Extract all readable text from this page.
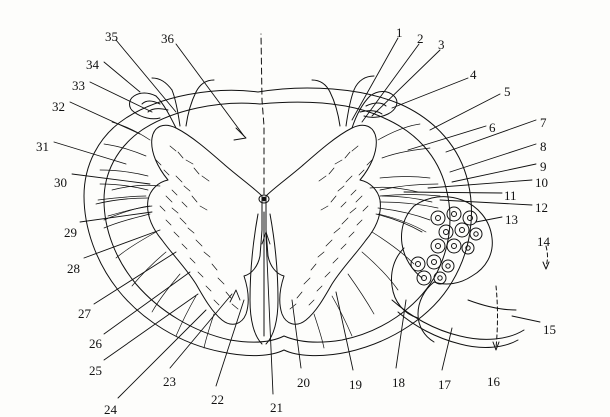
1 2 3
4
5
6	7
8
9
10
11
12
13
14
15
16
17
18
19
20
21
22
23
24
25
26
27
28
29
30
31
32
33
34
35	36
